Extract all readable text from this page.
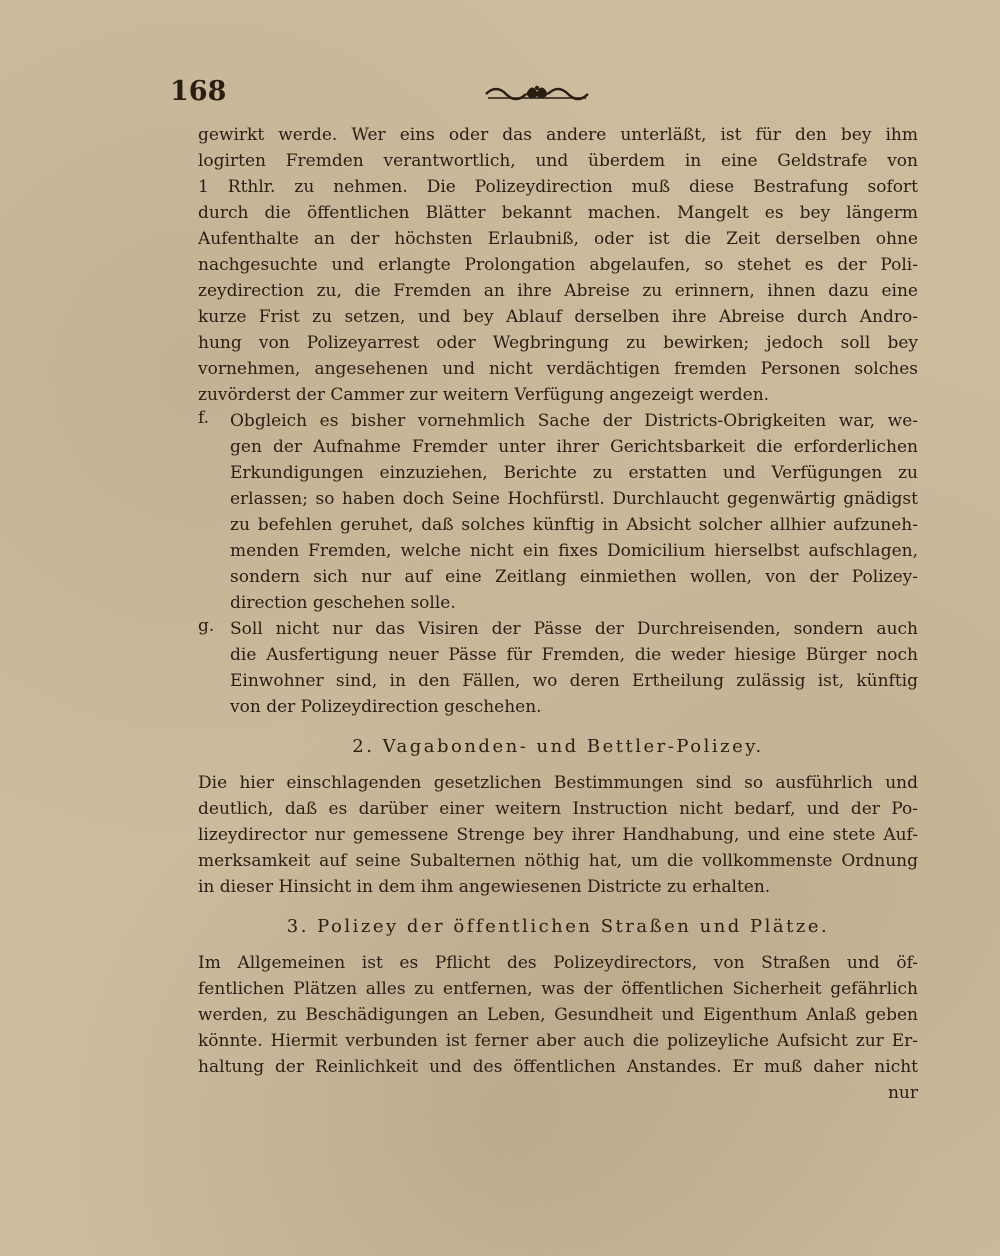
168
gewirkt werde. Wer eins oder das andere unterläßt, ist für den bey ihm
logirten Fremden verantwortlich, und überdem in eine Geldstrafe von
1 Rthlr. zu nehmen. Die Polizeydirection muß diese Bestrafung sofort
durch die öffentlichen Blätter bekannt machen. Mangelt es bey längerm
Aufenthalte an der höchsten Erlaubniß, oder ist die Zeit derselben ohne
nachgesuchte und erlangte Prolongation abgelaufen, so stehet es der Poli-
zeydirection zu, die Fremden an ihre Abreise zu erinnern, ihnen dazu eine
kurze Frist zu setzen, und bey Ablauf derselben ihre Abreise durch Andro-
hung von Polizeyarrest oder Wegbringung zu bewirken; jedoch soll bey
vornehmen, angesehenen und nicht verdächtigen fremden Personen solches
zuvörderst der Cammer zur weitern Verfügung angezeigt werden.
f. Obgleich es bisher vornehmlich Sache der Districts-Obrigkeiten war, we-
gen der Aufnahme Fremder unter ihrer Gerichtsbarkeit die erforderlichen
Erkundigungen einzuziehen, Berichte zu erstatten und Verfügungen zu
erlassen; so haben doch Seine Hochfürstl. Durchlaucht gegenwärtig gnädigst
zu befehlen geruhet, daß solches künftig in Absicht solcher allhier aufzuneh-
menden Fremden, welche nicht ein fixes Domicilium hierselbst aufschlagen,
sondern sich nur auf eine Zeitlang einmiethen wollen, von der Polizey-
direction geschehen solle.
g. Soll nicht nur das Visiren der Pässe der Durchreisenden, sondern auch
die Ausfertigung neuer Pässe für Fremden, die weder hiesige Bürger noch
Einwohner sind, in den Fällen, wo deren Ertheilung zulässig ist, künftig
von der Polizeydirection geschehen.
2. Vagabonden- und Bettler-Polizey.
Die hier einschlagenden gesetzlichen Bestimmungen sind so ausführlich und
deutlich, daß es darüber einer weitern Instruction nicht bedarf, und der Po-
lizeydirector nur gemessene Strenge bey ihrer Handhabung, und eine stete Auf-
merksamkeit auf seine Subalternen nöthig hat, um die vollkommenste Ordnung
in dieser Hinsicht in dem ihm angewiesenen Districte zu erhalten.
3. Polizey der öffentlichen Straßen und Plätze.
Im Allgemeinen ist es Pflicht des Polizeydirectors, von Straßen und öf-
fentlichen Plätzen alles zu entfernen, was der öffentlichen Sicherheit gefährlich
werden, zu Beschädigungen an Leben, Gesundheit und Eigenthum Anlaß geben
könnte. Hiermit verbunden ist ferner aber auch die polizeyliche Aufsicht zur Er-
haltung der Reinlichkeit und des öffentlichen Anstandes. Er muß daher nicht
nur
